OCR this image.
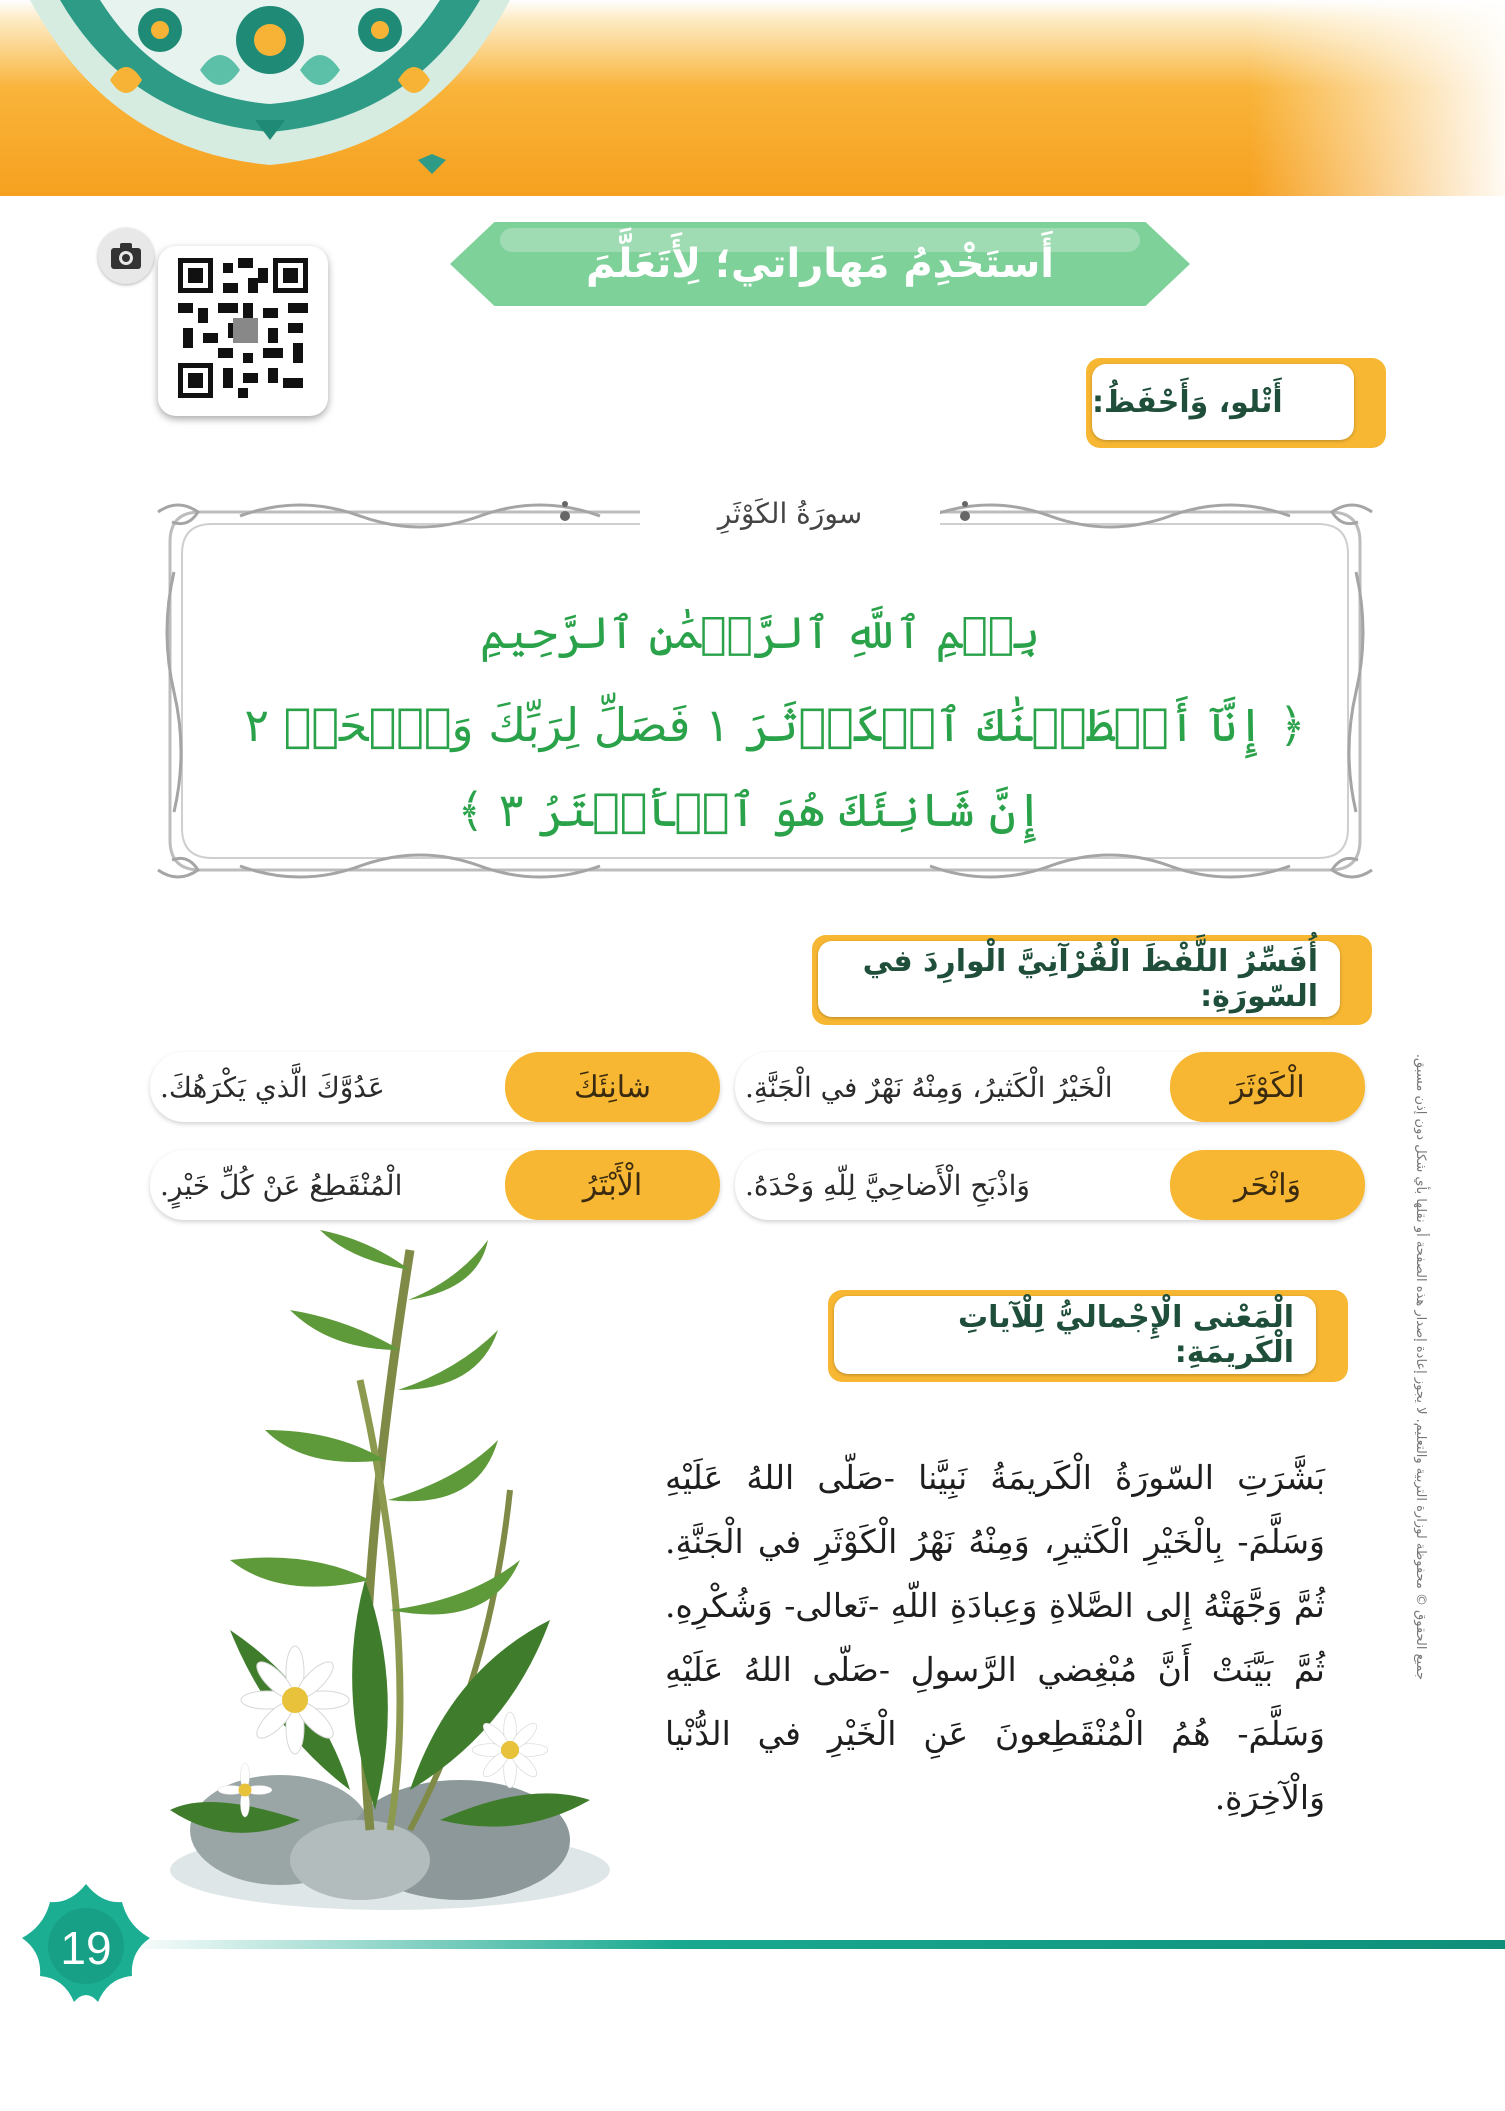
أَستَخْدِمُ مَهاراتي؛ لِأَتَعَلَّمَ
أَتْلو، وَأَحْفَظُ:
سورَةُ الكَوْثَرِ
بِسۡمِ ٱللَّهِ ٱلرَّحۡمَٰنِ ٱلرَّحِيمِ
﴿ إِنَّآ أَعۡطَيۡنَٰكَ ٱلۡكَوۡثَرَ ١ فَصَلِّ لِرَبِّكَ وَٱنۡحَرۡ ٢
إِنَّ شَانِئَكَ هُوَ ٱلۡأَبۡتَرُ ٣ ﴾
أُفَسِّرُ اللَّفْظَ الْقُرْآنِيَّ الْوارِدَ في السّورَةِ:
الْكَوْثَرَ
الْخَيْرُ الْكَثيرُ، وَمِنْهُ نَهْرٌ في الْجَنَّةِ.
شانِئَكَ
عَدُوَّكَ الَّذي يَكْرَهُكَ.
وَانْحَر
وَاذْبَحِ الْأَضاحِيَّ لِلّهِ وَحْدَهُ.
الْأَبْتَرُ
الْمُنْقَطِعُ عَنْ كُلِّ خَيْرٍ.
الْمَعْنى الْإِجْماليُّ لِلْآياتِ الْكَريمَةِ:
بَشَّرَتِ السّورَةُ الْكَريمَةُ نَبِيَّنا -صَلّى اللهُ عَلَيْهِ وَسَلَّمَ- بِالْخَيْرِ الْكَثيرِ، وَمِنْهُ نَهْرُ الْكَوْثَرِ في الْجَنَّةِ. ثُمَّ وَجَّهَتْهُ إِلى الصَّلاةِ وَعِبادَةِ اللّهِ -تَعالى- وَشُكْرِهِ. ثُمَّ بَيَّنَتْ أَنَّ مُبْغِضي الرَّسولِ -صَلّى اللهُ عَلَيْهِ وَسَلَّمَ- هُمُ الْمُنْقَطِعونَ عَنِ الْخَيْرِ في الدُّنْيا وَالْآخِرَةِ.
جميع الحقوق © محفوظة لوزارة التربية والتعليم. لا يجوز إعادة إصدار هذه الصفحة أو نقلها بأي شكل دون إذن مسبق.
19
